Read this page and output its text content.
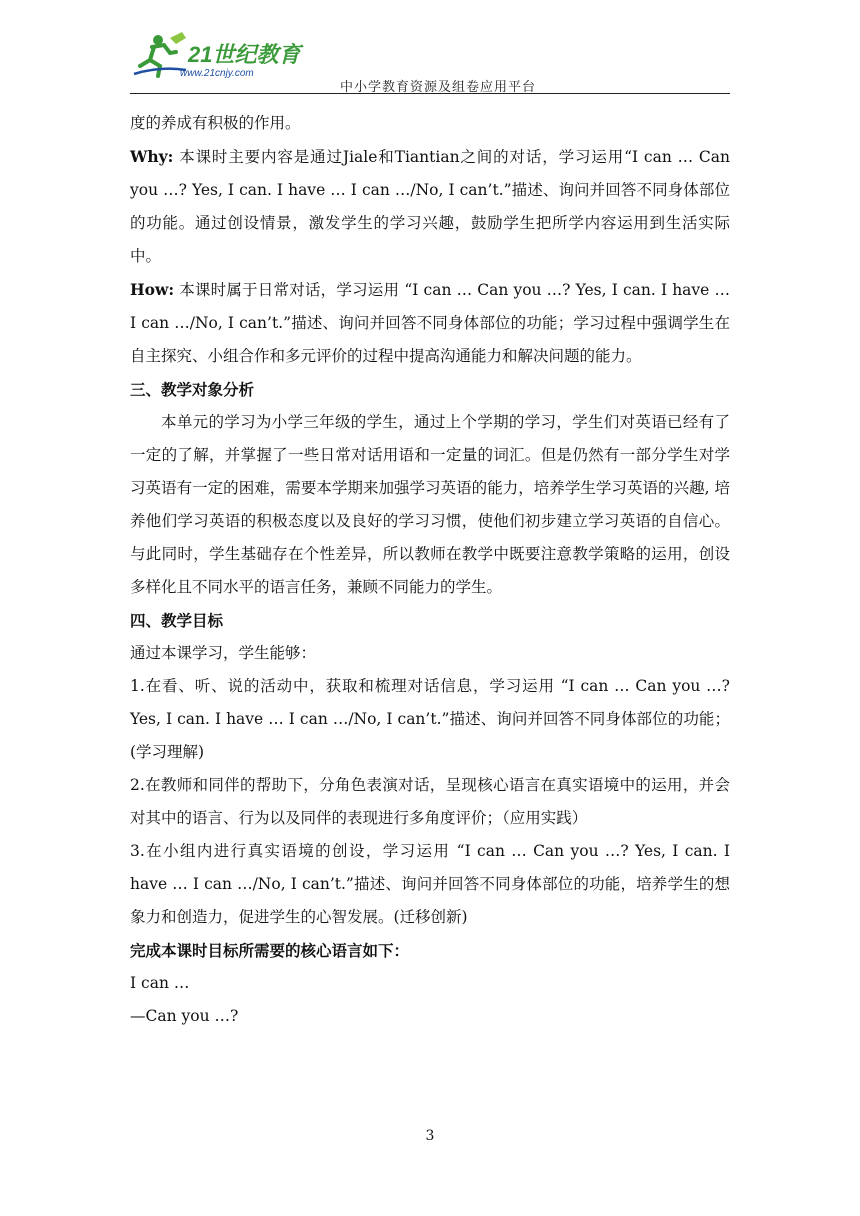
21世纪教育
www.21cnjy.com
中小学教育资源及组卷应用平台

度的养成有积极的作用。

Why: 本课时主要内容是通过Jiale和Tiantian之间的对话，学习运用“I can … Can you …? Yes, I can. I have … I can …/No, I can’t.”描述、询问并回答不同身体部位的功能。通过创设情景，激发学生的学习兴趣，鼓励学生把所学内容运用到生活实际中。

How: 本课时属于日常对话，学习运用 “I can … Can you …? Yes, I can. I have … I can …/No, I can’t.”描述、询问并回答不同身体部位的功能；学习过程中强调学生在自主探究、小组合作和多元评价的过程中提高沟通能力和解决问题的能力。

三、教学对象分析

本单元的学习为小学三年级的学生，通过上个学期的学习，学生们对英语已经有了一定的了解，并掌握了一些日常对话用语和一定量的词汇。但是仍然有一部分学生对学习英语有一定的困难，需要本学期来加强学习英语的能力，培养学生学习英语的兴趣, 培养他们学习英语的积极态度以及良好的学习习惯，使他们初步建立学习英语的自信心。与此同时，学生基础存在个性差异，所以教师在教学中既要注意教学策略的运用，创设多样化且不同水平的语言任务，兼顾不同能力的学生。

四、教学目标

通过本课学习，学生能够：

1.在看、听、说的活动中，获取和梳理对话信息，学习运用 “I can … Can you …? Yes, I can. I have … I can …/No, I can’t.”描述、询问并回答不同身体部位的功能；(学习理解)

2.在教师和同伴的帮助下，分角色表演对话，呈现核心语言在真实语境中的运用，并会对其中的语言、行为以及同伴的表现进行多角度评价；（应用实践）

3.在小组内进行真实语境的创设，学习运用 “I can … Can you …? Yes, I can. I have … I can …/No, I can’t.”描述、询问并回答不同身体部位的功能，培养学生的想象力和创造力，促进学生的心智发展。(迁移创新)

完成本课时目标所需要的核心语言如下：

I can …

—Can you …?

3
